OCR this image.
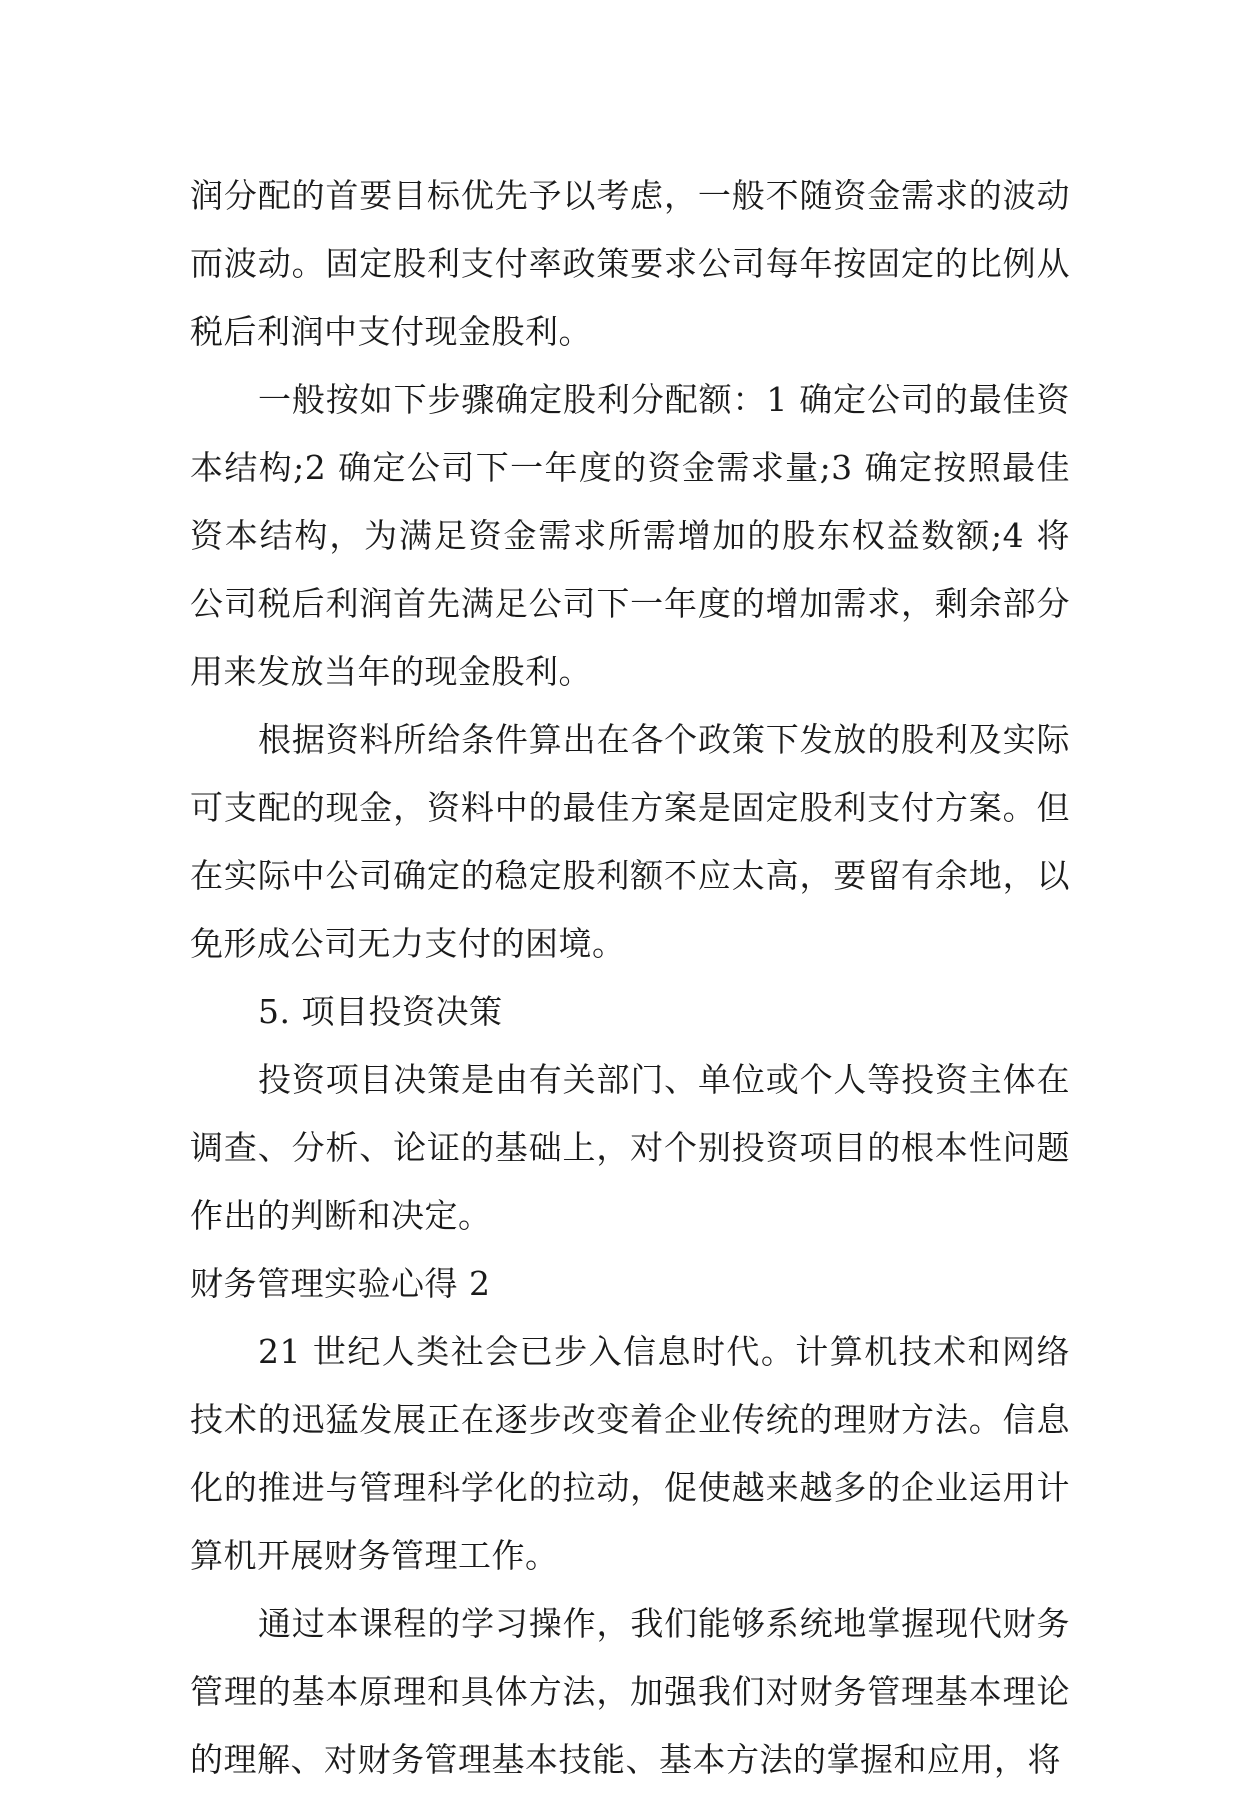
润分配的首要目标优先予以考虑，一般不随资金需求的波动而波动。固定股利支付率政策要求公司每年按固定的比例从税后利润中支付现金股利。

一般按如下步骤确定股利分配额：1 确定公司的最佳资本结构;2 确定公司下一年度的资金需求量;3 确定按照最佳资本结构，为满足资金需求所需增加的股东权益数额;4 将公司税后利润首先满足公司下一年度的增加需求，剩余部分用来发放当年的现金股利。

根据资料所给条件算出在各个政策下发放的股利及实际可支配的现金，资料中的最佳方案是固定股利支付方案。但在实际中公司确定的稳定股利额不应太高，要留有余地，以免形成公司无力支付的困境。

5. 项目投资决策

投资项目决策是由有关部门、单位或个人等投资主体在调查、分析、论证的基础上，对个别投资项目的根本性问题作出的判断和决定。

财务管理实验心得 2

21 世纪人类社会已步入信息时代。计算机技术和网络技术的迅猛发展正在逐步改变着企业传统的理财方法。信息化的推进与管理科学化的拉动，促使越来越多的企业运用计算机开展财务管理工作。

通过本课程的学习操作，我们能够系统地掌握现代财务管理的基本原理和具体方法，加强我们对财务管理基本理论的理解、对财务管理基本技能、基本方法的掌握和应用，将
